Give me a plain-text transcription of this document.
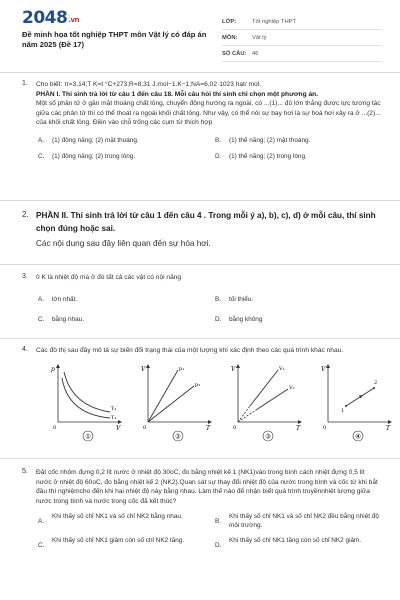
2048.vn
Đề minh họa tốt nghiệp THPT môn Vật lý có đáp án năm 2025 (Đề 17)
LỚP:	Tốt nghiệp THPT
MÔN:	Vật lý
SỐ CÂU: 46
1. Cho biết: π=3,14;T K=t °C+273;R=8,31 J.mol−1.K−1;NA=6,02·1023 hạt/ mol.
PHẦN I. Thí sinh trả lời từ câu 1 đến câu 18. Mỗi câu hỏi thí sinh chỉ chọn một phương án.
Một số phân tử ở gần mặt thoáng chất lỏng, chuyển động hướng ra ngoài, có ...(1)... đủ lớn thắng được lực tương tác giữa các phân tử thì có thể thoát ra ngoài khối chất lỏng. Như vậy, có thể nói sự bay hơi là sự hoá hơi xảy ra ở ...(2)... của khối chất lỏng. Điền vào chỗ trống các cụm từ thích hợp
A.	(1) động năng; (2) mặt thoáng.	B.	(1) thế năng; (2) mặt thoáng.
C.	(1) động năng; (2) trong lòng.	D.	(1) thế năng; (2) trong lòng.
2. PHẦN II. Thí sinh trả lời từ câu 1 đến câu 4 . Trong mỗi ý a), b), c), d) ở mỗi câu, thí sinh chọn đúng hoặc sai.
Các nội dung sau đây liên quan đến sự hóa hơi.
3. 0 K là nhiệt độ mà ở đó tất cả các vật có nội năng
A.	lớn nhất.	B.	tối thiểu.
C.	bằng nhau.	D.	bằng không
4. Các đồ thị sau đây mô tả sự biến đổi trạng thái của một lượng khí xác định theo các quá trình khác nhau.
p
V
0
T₂
T₁
①
V
T
0
p₁
p₂
②
V
T
0
V₁
V₂
③
V
T
0
1
2
④
5. Đặt cốc nhôm đựng 0,2 lít nước ở nhiệt độ 30oC, đo bằng nhiệt kế 1 (NK1)vào trong bình cách nhiệt đựng 0,5 lít nước ở nhiệt độ 60oC, đo bằng nhiệt kế 2 (NK2).Quan sát sự thay đổi nhiệt độ của nước trong bình và cốc từ khi bắt đầu thí nghiệmcho đến khi hai nhiệt độ này bằng nhau. Làm thế nào để nhận biết quá trình truyềnnhiệt lượng giữa nước trong bình và nước trong cốc đã kết thúc?
A.
Khi thấy số chỉ NK1 và số chỉ NK2 bằng nhau.
B.
Khi thấy số chỉ NK1 và số chỉ NK2 đều bằng nhiệt độ môi trường.
C.
Khi thấy số chỉ NK1 giảm còn số chỉ NK2 tăng.
D.
Khi thấy số chỉ NK1 tăng còn số chỉ NK2 giảm.
